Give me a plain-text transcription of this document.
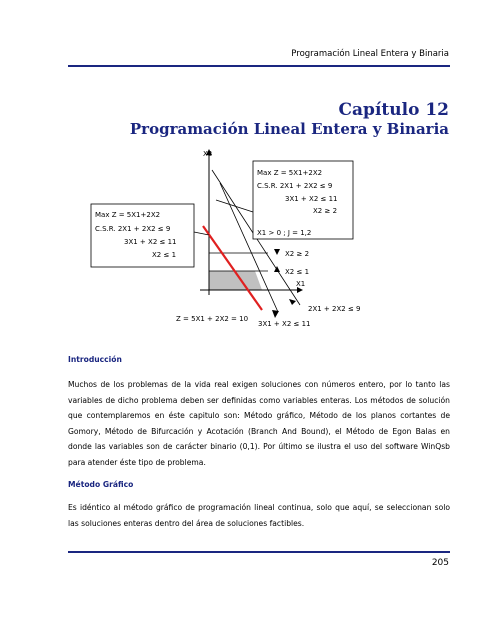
Programación Lineal Entera y Binaria
Capítulo 12
Programación Lineal Entera y Binaria
X2
X1
X2 ≥ 2
X2 ≤ 1
2X1 + 2X2 ≤ 9
3X1 + X2 ≤ 11
Z = 5X1 + 2X2 = 10
Max Z = 5X1+2X2
C.S.R. 2X1 + 2X2 ≤ 9
3X1 + X2 ≤ 11
X2 ≤ 1
Max Z = 5X1+2X2
C.S.R. 2X1 + 2X2 ≤ 9
3X1 + X2 ≤ 11
X2 ≥ 2
X1 > 0 ; J = 1,2
Introducción
Muchos de los problemas de la vida real exigen soluciones con números entero, por lo tanto las variables de dicho problema deben ser definidas como variables enteras. Los métodos de solución que contemplaremos en éste capitulo son: Método gráfico, Método de los planos cortantes de Gomory, Método de Bifurcación y Acotación (Branch And Bound), el Método de Egon Balas en donde las variables son de carácter binario (0,1). Por último se ilustra el uso del software WinQsb para atender éste tipo de problema.
Método Gráfico
Es idéntico al método gráfico de programación lineal continua, solo que aquí, se seleccionan solo las soluciones enteras dentro del área de soluciones factibles.
205
